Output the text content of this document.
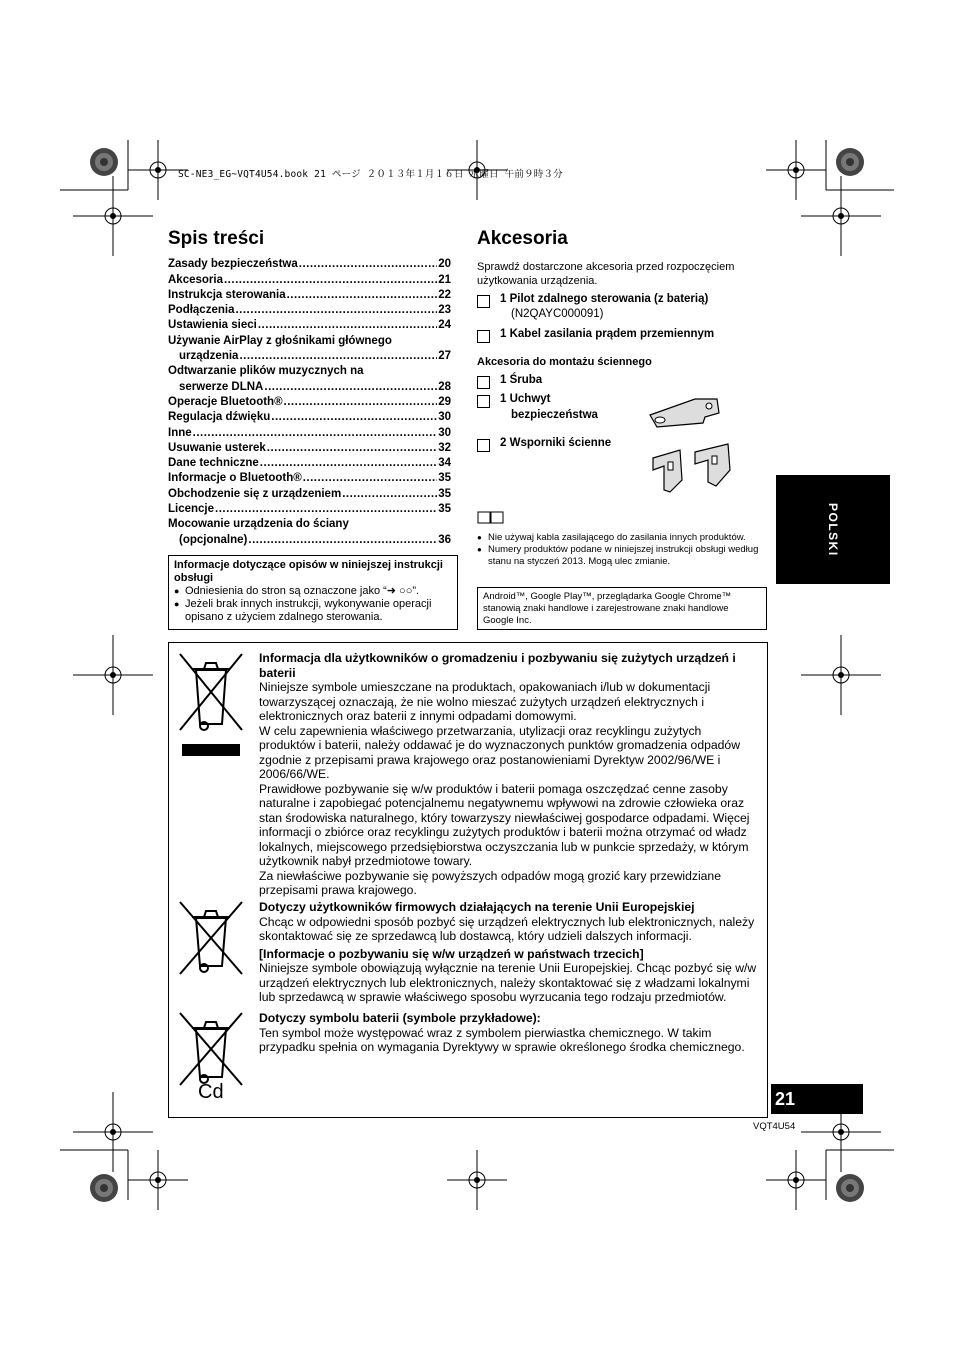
SC-NE3_EG~VQT4U54.book 21 ページ ２０１３年１月１６日 水曜日 午前９時３分
Spis treści
Zasady bezpieczeństwa .....	20
Akcesoria .....	21
Instrukcja sterowania .....	22
Podłączenia .....	23
Ustawienia sieci .....	24
Używanie AirPlay z głośnikami głównego
urządzenia .....	27
Odtwarzanie plików muzycznych na
serwerze DLNA .....	28
Operacje Bluetooth® .....	29
Regulacja dźwięku .....	30
Inne .....	30
Usuwanie usterek .....	32
Dane techniczne .....	34
Informacje o Bluetooth® .....	35
Obchodzenie się z urządzeniem .....	35
Licencje .....	35
Mocowanie urządzenia do ściany
(opcjonalne) .....	36
Informacje dotyczące opisów w niniejszej instrukcji obsługi
● Odniesienia do stron są oznaczone jako “➜ ○○”.
● Jeżeli brak innych instrukcji, wykonywanie operacji opisano z użyciem zdalnego sterowania.
Akcesoria
Sprawdź dostarczone akcesoria przed rozpoczęciem użytkowania urządzenia.
1 Pilot zdalnego sterowania (z baterią)
(N2QAYC000091)
1 Kabel zasilania prądem przemiennym
Akcesoria do montażu ściennego
1 Śruba
1 Uchwyt
bezpieczeństwa
2 Wsporniki ścienne
● Nie używaj kabla zasilającego do zasilania innych produktów.
● Numery produktów podane w niniejszej instrukcji obsługi według stanu na styczeń 2013. Mogą ulec zmianie.
Android™, Google Play™, przeglądarka Google Chrome™ stanowią znaki handlowe i zarejestrowane znaki handlowe Google Inc.
POLSKI
Cd

Informacja dla użytkowników o gromadzeniu i pozbywaniu się zużytych urządzeń i baterii

Niniejsze symbole umieszczane na produktach, opakowaniach i/lub w dokumentacji towarzyszącej oznaczają, że nie wolno mieszać zużytych urządzeń elektrycznych i elektronicznych oraz baterii z innymi odpadami domowymi.

W celu zapewnienia właściwego przetwarzania, utylizacji oraz recyklingu zużytych produktów i baterii, należy oddawać je do wyznaczonych punktów gromadzenia odpadów zgodnie z przepisami prawa krajowego oraz postanowieniami Dyrektyw 2002/96/WE i 2006/66/WE.

Prawidłowe pozbywanie się w/w produktów i baterii pomaga oszczędzać cenne zasoby naturalne i zapobiegać potencjalnemu negatywnemu wpływowi na zdrowie człowieka oraz stan środowiska naturalnego, który towarzyszy niewłaściwej gospodarce odpadami. Więcej informacji o zbiórce oraz recyklingu zużytych produktów i baterii można otrzymać od władz lokalnych, miejscowego przedsiębiorstwa oczyszczania lub w punkcie sprzedaży, w którym użytkownik nabył przedmiotowe towary.

Za niewłaściwe pozbywanie się powyższych odpadów mogą grozić kary przewidziane przepisami prawa krajowego.

Dotyczy użytkowników firmowych działających na terenie Unii Europejskiej

Chcąc w odpowiedni sposób pozbyć się urządzeń elektrycznych lub elektronicznych, należy skontaktować się ze sprzedawcą lub dostawcą, który udzieli dalszych informacji.

[Informacje o pozbywaniu się w/w urządzeń w państwach trzecich]

Niniejsze symbole obowiązują wyłącznie na terenie Unii Europejskiej. Chcąc pozbyć się w/w urządzeń elektrycznych lub elektronicznych, należy skontaktować się z władzami lokalnymi lub sprzedawcą w sprawie właściwego sposobu wyrzucania tego rodzaju przedmiotów.

Dotyczy symbolu baterii (symbole przykładowe):

Ten symbol może występować wraz z symbolem pierwiastka chemicznego. W takim przypadku spełnia on wymagania Dyrektywy w sprawie określonego środka chemicznego.

21
VQT4U54
